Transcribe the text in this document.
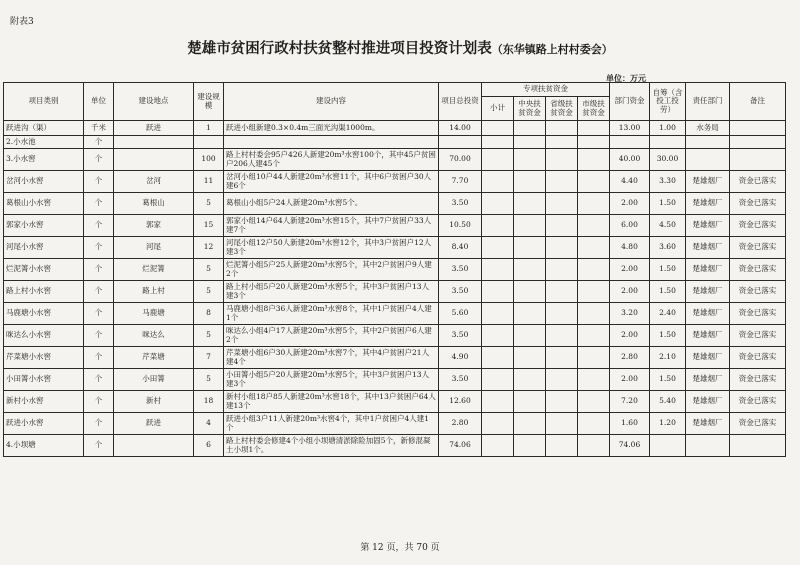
附表3
楚雄市贫困行政村扶贫整村推进项目投资计划表（东华镇路上村村委会）
单位：万元
项目类别	单位	建设地点	建设规模	建设内容	项目总投资	专项扶贫资金				部门资金	自筹（含投工投劳）	责任部门	备注
						小计	中央扶贫资金	省级扶贫资金	市级扶贫资金				
跃进沟（渠）	千米	跃进	1	跃进小组新建0.3×0.4m三面光沟渠1000m。	14.00					13.00	1.00	水务局	
2.小水池	个												
3.小水窖	个		100	路上村村委会95户426人新建20m³水窖100个，其中45户贫困户206人建45个	70.00					40.00	30.00		
岔河小水窖	个	岔河	11	岔河小组10户44人新建20m³水窖11个，其中6户贫困户30人建6个	7.70					4.40	3.30	楚雄烟厂	资金已落实
葛根山小水窖	个	葛根山	5	葛根山小组5户24人新建20m³水窖5个。	3.50					2.00	1.50	楚雄烟厂	资金已落实
郭家小水窖	个	郭家	15	郭家小组14户64人新建20m³水窖15个，其中7户贫困户33人建7个	10.50					6.00	4.50	楚雄烟厂	资金已落实
河尾小水窖	个	河尾	12	河尾小组12户50人新建20m³水窖12个，其中3户贫困户12人建3个	8.40					4.80	3.60	楚雄烟厂	资金已落实
烂泥箐小水窖	个	烂泥箐	5	烂泥箐小组5户25人新建20m³水窖5个，其中2户贫困户9人建2个	3.50					2.00	1.50	楚雄烟厂	资金已落实
路上村小水窖	个	路上村	5	路上村小组5户20人新建20m³水窖5个，其中3户贫困户13人建3个	3.50					2.00	1.50	楚雄烟厂	资金已落实
马鹿塘小水窖	个	马鹿塘	8	马鹿塘小组8户36人新建20m³水窖8个，其中1户贫困户4人建1个	5.60					3.20	2.40	楚雄烟厂	资金已落实
咪达么小水窖	个	咪达么	5	咪达么小组4户17人新建20m³水窖5个，其中2户贫困户6人建2个	3.50					2.00	1.50	楚雄烟厂	资金已落实
芹菜塘小水窖	个	芹菜塘	7	芹菜塘小组6户30人新建20m³水窖7个，其中4户贫困户21人建4个	4.90					2.80	2.10	楚雄烟厂	资金已落实
小田箐小水窖	个	小田箐	5	小田箐小组5户20人新建20m³水窖5个，其中3户贫困户13人建3个	3.50					2.00	1.50	楚雄烟厂	资金已落实
新村小水窖	个	新村	18	新村小组18户85人新建20m³水窖18个，其中13户贫困户64人建13个	12.60					7.20	5.40	楚雄烟厂	资金已落实
跃进小水窖	个	跃进	4	跃进小组3户11人新建20m³水窖4个，其中1户贫困户4人建1个	2.80					1.60	1.20	楚雄烟厂	资金已落实
4.小坝塘	个		6	路上村村委会修建4个小组小坝塘清淤除险加固5个，新修混凝土小坝1个。	74.06					74.06			
第 12 页，共 70 页
